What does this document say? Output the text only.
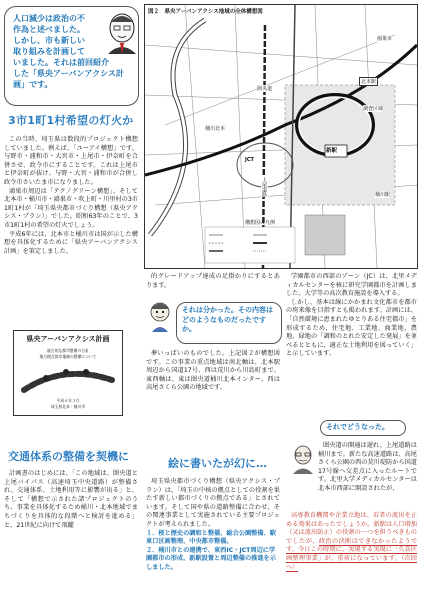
人口減少は政治の不
作為と述べました。
しかし、市も新しい
取り組みを計画して
いました。それは前回紹介
した「県央アーバンアクシス計
画」です。
3市1町1村希望の灯火か

この当時、埼玉県は数段的プロジェクト構想していました。例えば、「ユーアイ構想」です。与野市・浦和市・大宮市・上尾市・伊奈町を合併させ、政令市にすることです。これは上尾市と伊奈町が抜け、与野・大宮・浦和市が合併し政令市さいたま市になりました。

鴻巣市周辺は「テクノグリーン構想」。そして北本市・桶川市・鴻巣市・吹上町・川里村の3市1町1村が「埼玉県央都市づくり構想（県央アクシス・プラン）」でした。昭和63年のことで、3市1町1村の希望の灯火でしょう。

平成6年には、北本市と桶川市は国が示した構想を具体化するために「県央アーバンアクシス計画」を策定しました。

県央アーバンアクシス計画
総合的な都市整備の方針
地方拠点都市地域の整備について
平成６年３月
埼玉県北本・桶川市
交通体系の整備を契機に

計画書のはじめには、「この地域は、圏央道と上尾バイパス（高速埼玉中央道路）が整備され、交通体系、土地利用等に影響が出る」と、そして「構想で示された諸プロジェクトのうち、事業を具体化するため桶川・北本地域でまちづくりを具体的な段階へと検討を進める」と、21世紀に向けて飛躍

図２　県央アーバンアクシス地域の全体構想図
北本駅
調査区域
新駅
JCT
圏央道
上尾道路
桶川北本
桶川駅
鴻巣市
構想図の凡例

的グレードアップ達成の足掛かりにするとあります。

それは分かった。その内容はどのようなものだったですか。

夢いっぱいのものでした。上記図２が構想図です。この事業の重点地域は南北軸は、北本駅周辺から国道17号、西は荒川から川島町まで、東西軸は、東は圏央道桶川北本インター、西は高尾さくら公園の地域です。

絵に書いたが幻に…

埼玉県央都市づくり構想（県央アクシス・プラン）は、「埼玉の中核の拠点としての役割を果たす新しい都市づくりの拠点である」とされています。そして国や県の道路整備に合わせ、その関連事業として実施されている主要プロジェクトが考えられました。

１．桜と歴史の調和と整備、総合公園整備、駅東口区画整理、中央都市整備。

２．桶川市との連携で、東西ⅠC・JCT周辺に学園都市の形成、新駅設置と周辺整備の推進を示しました。

学園都市の西部のゾーン（JC）は、北里メディカルセンターを核に研究学園都市を計画しました。大学等の高次教育施設を導入する。

しかし、基本は線にかかまれ文化都市を都市の将来像を目指すとも掲われます。計画には、「自然環境に恵まれたゆとりある住宅都市」を形成するため、住宅地、工業地、商業地、農地、緑地の「調和のとれた安定した発展」を並べるとともに、適正な土地利用を図っていく」と示しています。

それでどうなった。

圏央道の開通は遅れ、上尾道路は桶川まで。新たな高速道路は、高尾さくら公園の西の荒川堤防から国道17号線へ交差点に入ったルートです。北里大学メディカルセンターは北本市西部に開設されたが、

高専教育機関や企業立地は、若者の流出を止める効果はあったでしょうか。新駅は人口増加（又は流出防止）の役割の一つを担うべきものでしたが、政治の決断はできなかったようです。今日この時期に、実現する実現に「久喜区画整理事業」が、重荷になっています。（次回へ）
